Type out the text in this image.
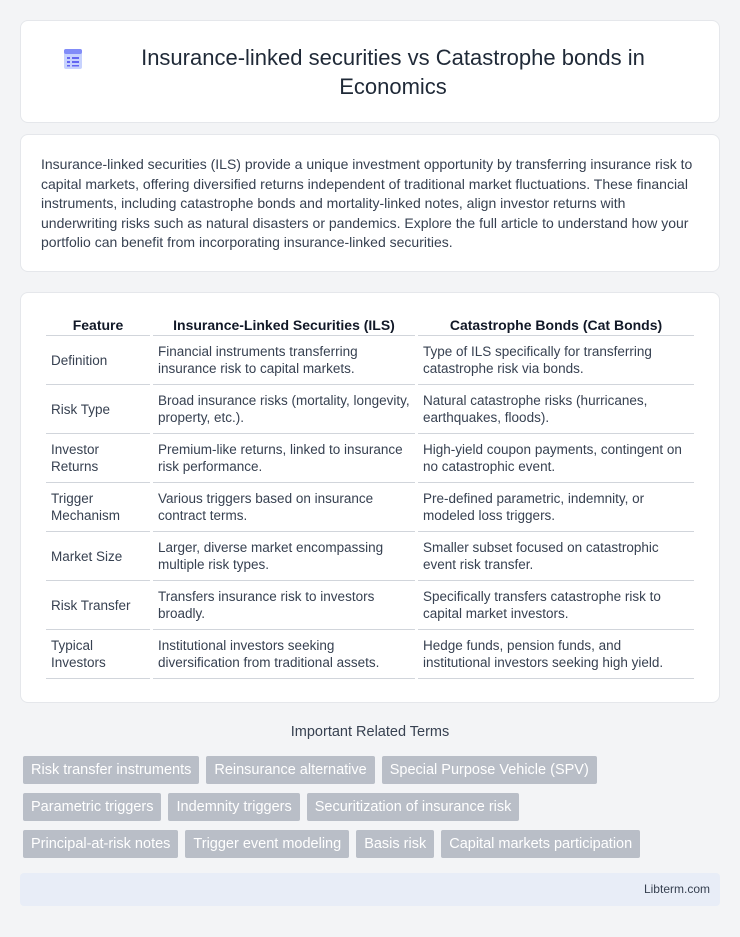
Insurance-linked securities vs Catastrophe bonds in Economics

Insurance-linked securities (ILS) provide a unique investment opportunity by transferring insurance risk to capital markets, offering diversified returns independent of traditional market fluctuations. These financial instruments, including catastrophe bonds and mortality-linked notes, align investor returns with underwriting risks such as natural disasters or pandemics. Explore the full article to understand how your portfolio can benefit from incorporating insurance-linked securities.

Feature	Insurance-Linked Securities (ILS)	Catastrophe Bonds (Cat Bonds)
Definition	Financial instruments transferring insurance risk to capital markets.	Type of ILS specifically for transferring catastrophe risk via bonds.
Risk Type	Broad insurance risks (mortality, longevity, property, etc.).	Natural catastrophe risks (hurricanes, earthquakes, floods).
Investor Returns	Premium-like returns, linked to insurance risk performance.	High-yield coupon payments, contingent on no catastrophic event.
Trigger Mechanism	Various triggers based on insurance contract terms.	Pre-defined parametric, indemnity, or modeled loss triggers.
Market Size	Larger, diverse market encompassing multiple risk types.	Smaller subset focused on catastrophic event risk transfer.
Risk Transfer	Transfers insurance risk to investors broadly.	Specifically transfers catastrophe risk to capital market investors.
Typical Investors	Institutional investors seeking diversification from traditional assets.	Hedge funds, pension funds, and institutional investors seeking high yield.
Important Related Terms
Risk transfer instruments	Reinsurance alternative	Special Purpose Vehicle (SPV)
Parametric triggers	Indemnity triggers	Securitization of insurance risk
Principal-at-risk notes	Trigger event modeling	Basis risk	Capital markets participation
Libterm.com
